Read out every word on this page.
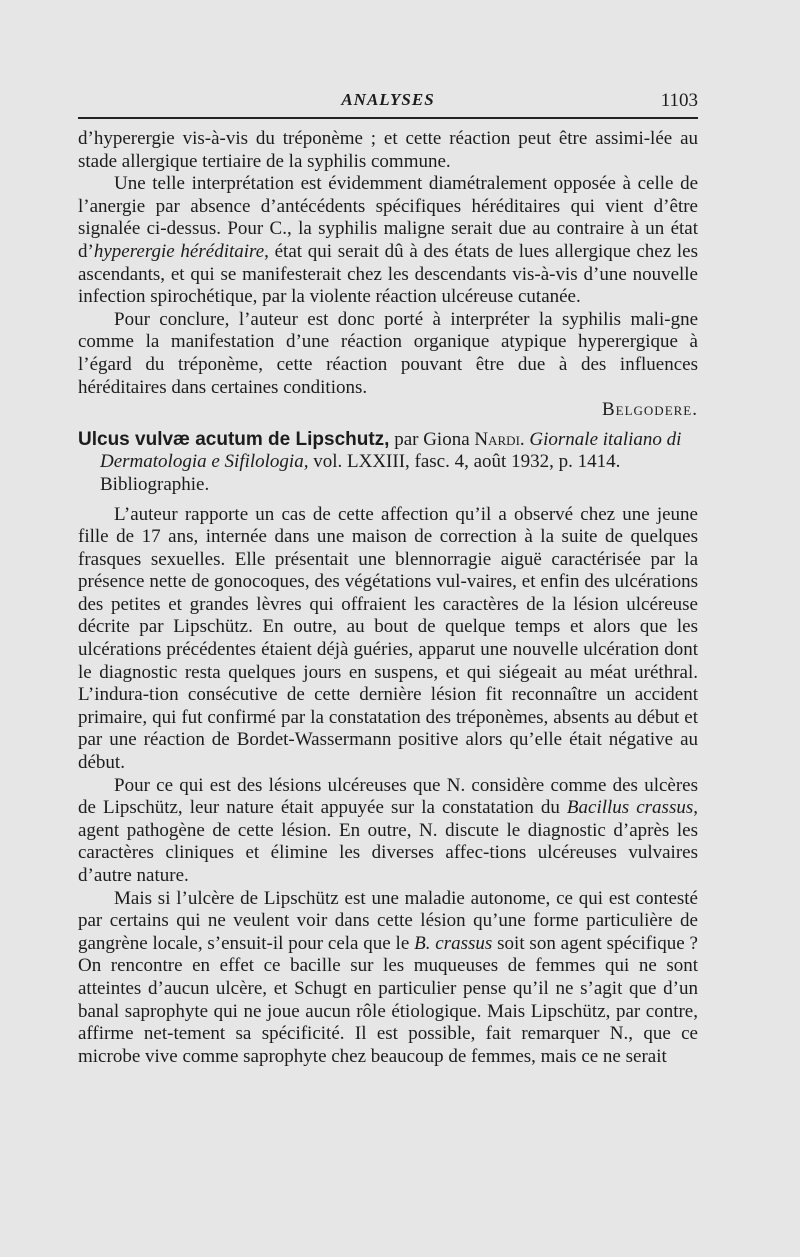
ANALYSES	1103

d’hyperergie vis-à-vis du tréponème ; et cette réaction peut être assimi-lée au stade allergique tertiaire de la syphilis commune.

Une telle interprétation est évidemment diamétralement opposée à celle de l’anergie par absence d’antécédents spécifiques héréditaires qui vient d’être signalée ci-dessus. Pour C., la syphilis maligne serait due au contraire à un état d’hyperergie héréditaire, état qui serait dû à des états de lues allergique chez les ascendants, et qui se manifesterait chez les descendants vis-à-vis d’une nouvelle infection spirochétique, par la violente réaction ulcéreuse cutanée.

Pour conclure, l’auteur est donc porté à interpréter la syphilis mali-gne comme la manifestation d’une réaction organique atypique hyperergique à l’égard du tréponème, cette réaction pouvant être due à des influences héréditaires dans certaines conditions.

Belgodere.

Ulcus vulvæ acutum de Lipschutz, par Giona Nardi. Giornale italiano di Dermatologia e Sifilologia, vol. LXXIII, fasc. 4, août 1932, p. 1414. Bibliographie.

L’auteur rapporte un cas de cette affection qu’il a observé chez une jeune fille de 17 ans, internée dans une maison de correction à la suite de quelques frasques sexuelles. Elle présentait une blennorragie aiguë caractérisée par la présence nette de gonocoques, des végétations vul-vaires, et enfin des ulcérations des petites et grandes lèvres qui offraient les caractères de la lésion ulcéreuse décrite par Lipschütz. En outre, au bout de quelque temps et alors que les ulcérations précédentes étaient déjà guéries, apparut une nouvelle ulcération dont le diagnostic resta quelques jours en suspens, et qui siégeait au méat uréthral. L’indura-tion consécutive de cette dernière lésion fit reconnaître un accident primaire, qui fut confirmé par la constatation des tréponèmes, absents au début et par une réaction de Bordet-Wassermann positive alors qu’elle était négative au début.

Pour ce qui est des lésions ulcéreuses que N. considère comme des ulcères de Lipschütz, leur nature était appuyée sur la constatation du Bacillus crassus, agent pathogène de cette lésion. En outre, N. discute le diagnostic d’après les caractères cliniques et élimine les diverses affec-tions ulcéreuses vulvaires d’autre nature.

Mais si l’ulcère de Lipschütz est une maladie autonome, ce qui est contesté par certains qui ne veulent voir dans cette lésion qu’une forme particulière de gangrène locale, s’ensuit-il pour cela que le B. crassus soit son agent spécifique ? On rencontre en effet ce bacille sur les muqueuses de femmes qui ne sont atteintes d’aucun ulcère, et Schugt en particulier pense qu’il ne s’agit que d’un banal saprophyte qui ne joue aucun rôle étiologique. Mais Lipschütz, par contre, affirme net-tement sa spécificité. Il est possible, fait remarquer N., que ce microbe vive comme saprophyte chez beaucoup de femmes, mais ce ne serait
